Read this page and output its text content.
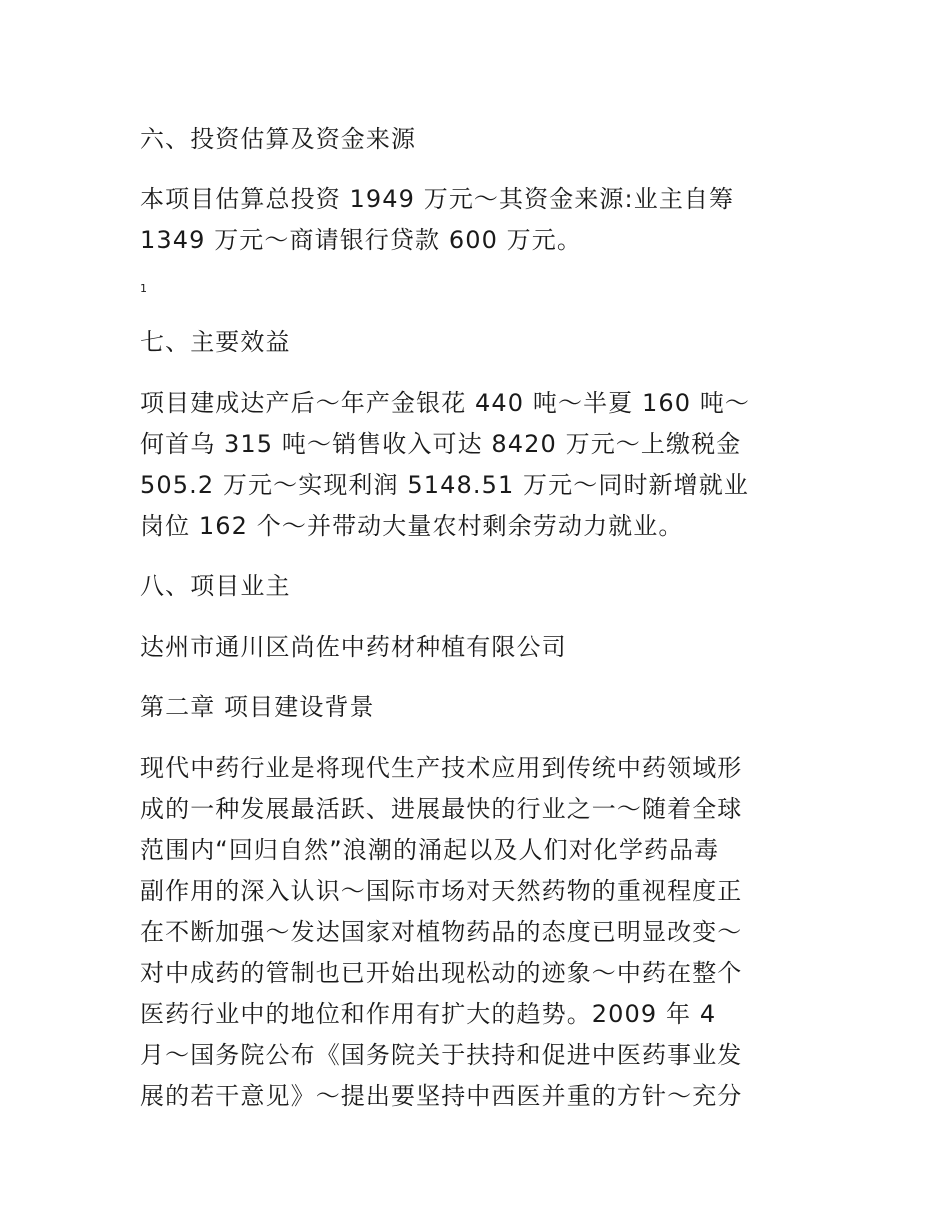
六、投资估算及资金来源
本项目估算总投资 1949 万元～其资金来源:业主自筹
1349 万元～商请银行贷款 600 万元。
1
七、主要效益
项目建成达产后～年产金银花 440 吨～半夏 160 吨～
何首乌 315 吨～销售收入可达 8420 万元～上缴税金
505.2 万元～实现利润 5148.51 万元～同时新增就业
岗位 162 个～并带动大量农村剩余劳动力就业。
八、项目业主
达州市通川区尚佐中药材种植有限公司
第二章 项目建设背景
现代中药行业是将现代生产技术应用到传统中药领域形
成的一种发展最活跃、进展最快的行业之一～随着全球
范围内“回归自然”浪潮的涌起以及人们对化学药品毒
副作用的深入认识～国际市场对天然药物的重视程度正
在不断加强～发达国家对植物药品的态度已明显改变～
对中成药的管制也已开始出现松动的迹象～中药在整个
医药行业中的地位和作用有扩大的趋势。2009 年 4
月～国务院公布《国务院关于扶持和促进中医药事业发
展的若干意见》～提出要坚持中西医并重的方针～充分
